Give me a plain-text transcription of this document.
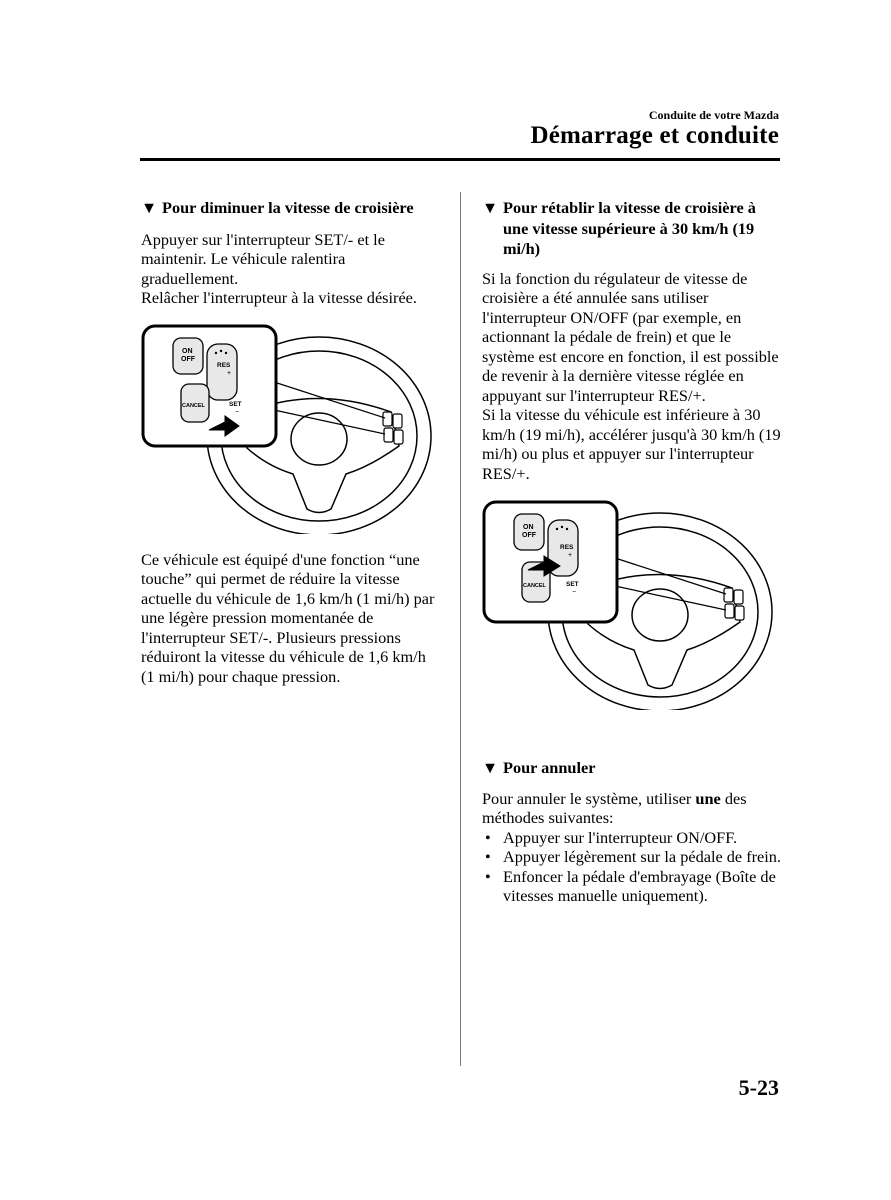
Conduite de votre Mazda
Démarrage et conduite
▼ Pour diminuer la vitesse de croisière

Appuyer sur l'interrupteur SET/- et le maintenir. Le véhicule ralentira graduellement.

Relâcher l'interrupteur à la vitesse désirée.

ON
OFF
RES
+
SET
−
CANCEL

Ce véhicule est équipé d'une fonction “une touche” qui permet de réduire la vitesse actuelle du véhicule de 1,6 km/h (1 mi/h) par une légère pression momentanée de l'interrupteur SET/-. Plusieurs pressions réduiront la vitesse du véhicule de 1,6 km/h (1 mi/h) pour chaque pression.

▼ Pour rétablir la vitesse de croisière à une vitesse supérieure à 30 km/h (19 mi/h)

Si la fonction du régulateur de vitesse de croisière a été annulée sans utiliser l'interrupteur ON/OFF (par exemple, en actionnant la pédale de frein) et que le système est encore en fonction, il est possible de revenir à la dernière vitesse réglée en appuyant sur l'interrupteur RES/+.

Si la vitesse du véhicule est inférieure à 30 km/h (19 mi/h), accélérer jusqu'à 30 km/h (19 mi/h) ou plus et appuyer sur l'interrupteur RES/+.

ON
OFF
RES
+
SET
−
CANCEL
▼ Pour annuler

Pour annuler le système, utiliser une des méthodes suivantes:

• Appuyer sur l'interrupteur ON/OFF.
• Appuyer légèrement sur la pédale de frein.
• Enfoncer la pédale d'embrayage (Boîte de vitesses manuelle uniquement).
5-23
